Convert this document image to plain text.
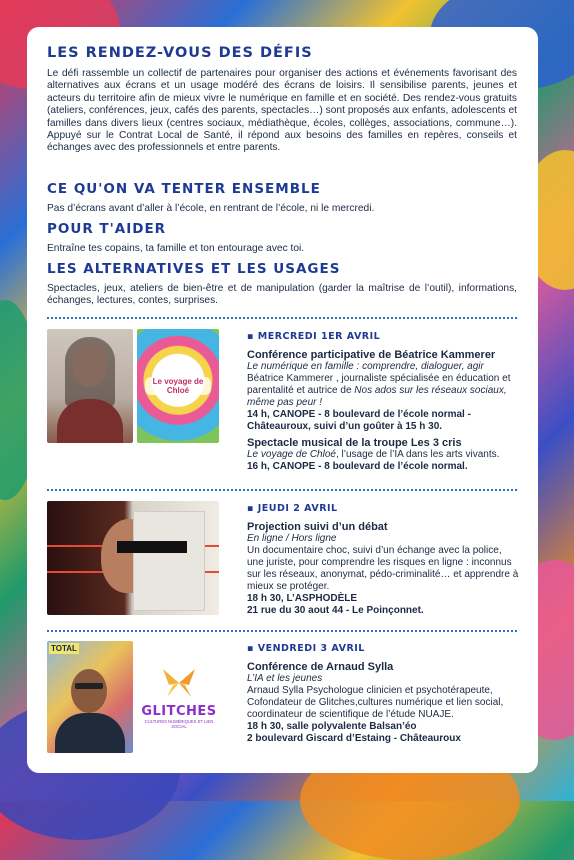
LES RENDEZ-VOUS DES DÉFIS
Le défi rassemble un collectif de partenaires pour organiser des actions et événements favorisant des alternatives aux écrans et un usage modéré des écrans de loisirs. Il sensibilise parents, jeunes et acteurs du territoire afin de mieux vivre le numérique en famille et en société. Des rendez-vous gratuits (ateliers, conférences, jeux, cafés des parents, spectacles…) sont proposés aux enfants, adolescents et familles dans divers lieux (centres sociaux, médiathèque, écoles, collèges, associations, commune…). Appuyé sur le Contrat Local de Santé, il répond aux besoins des familles en repères, conseils et échanges avec des professionnels et entre parents.
CE QU'ON VA TENTER ENSEMBLE
Pas d’écrans avant d’aller à l’école, en rentrant de l’école, ni le mercredi.
POUR T'AIDER
Entraîne tes copains, ta famille et ton entourage avec toi.
LES ALTERNATIVES ET LES USAGES
Spectacles, jeux, ateliers de bien-être et de manipulation (garder la maîtrise de l’outil), informations, échanges, lectures, contes, surprises.
Le voyage de Chloé
▪ MERCREDI 1ER AVRIL
Conférence participative de Béatrice Kammerer
Le numérique en famille : comprendre, dialoguer, agir
Béatrice Kammerer , journaliste spécialisée en éducation et parentalité et autrice de Nos ados sur les réseaux sociaux, même pas peur !
14 h, CANOPE - 8 boulevard de l’école normal - Châteauroux, suivi d’un goûter à 15 h 30.
Spectacle musical de la troupe Les 3 cris
Le voyage de Chloé, l’usage de l’IA dans les arts vivants.
16 h, CANOPE - 8 boulevard de l’école normal.
▪ JEUDI 2 AVRIL
Projection suivi d’un débat
En ligne / Hors ligne
Un documentaire choc, suivi d’un échange avec la police, une juriste, pour comprendre les risques en ligne : inconnus sur les réseaux, anonymat, pédo-criminalité… et apprendre à mieux se protéger.
18 h 30, L’ASPHODÈLE
21 rue du 30 aout 44 - Le Poinçonnet.
TOTAL
GLITCHES
CULTURES NUMÉRIQUES ET LIEN SOCIAL
▪ VENDREDI 3 AVRIL
Conférence de Arnaud Sylla
L’IA et les jeunes
Arnaud Sylla Psychologue clinicien et psychotérapeute, Cofondateur de Glitches,cultures numérique et lien social, coordinateur de scientifique de l’étude NUAJE.
18 h 30, salle polyvalente Balsan’éo
2 boulevard Giscard d’Estaing - Châteauroux
